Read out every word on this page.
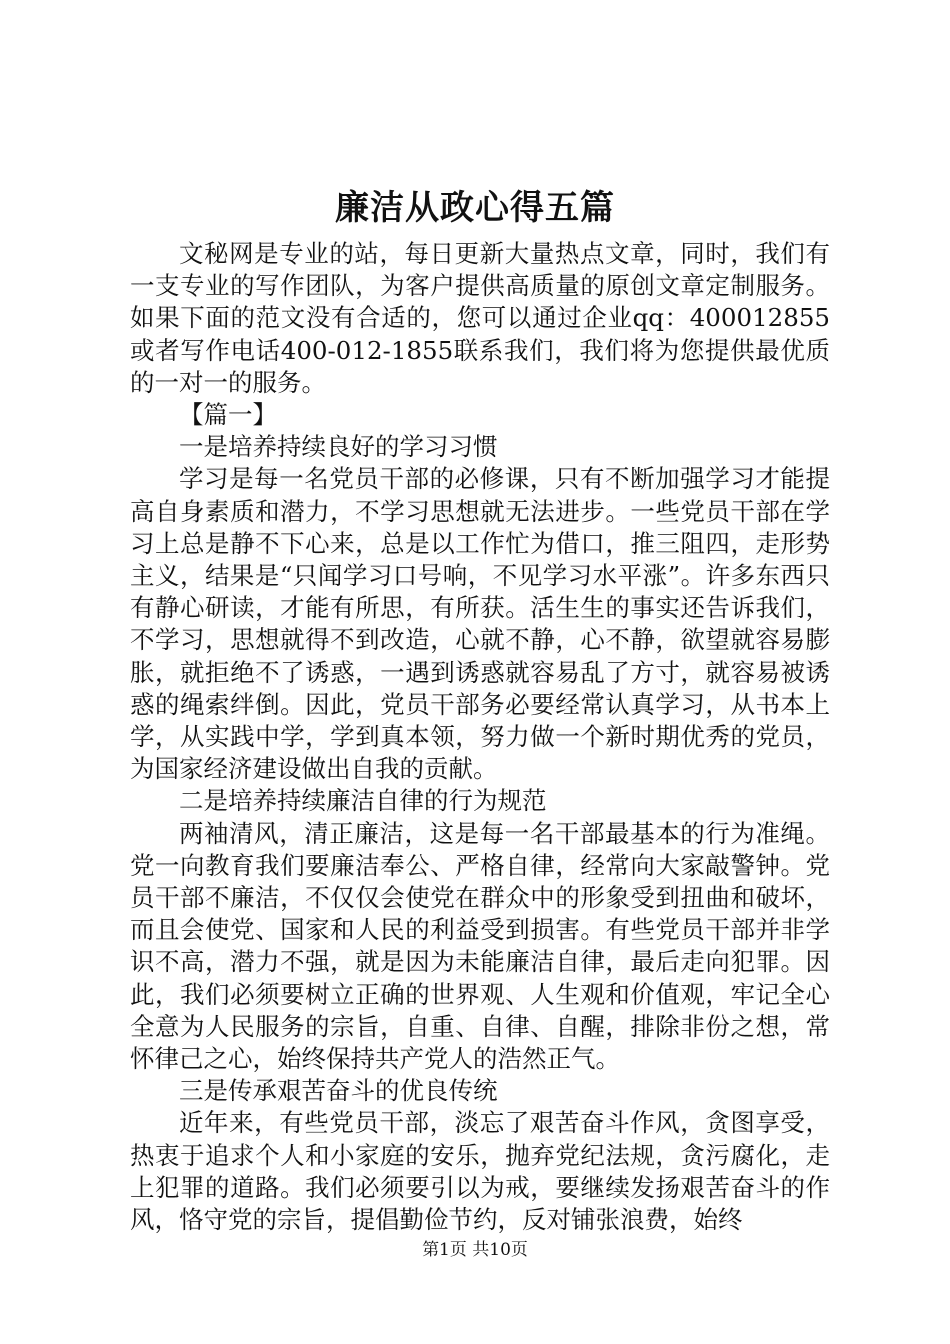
廉洁从政心得五篇

文秘网是专业的站，每日更新大量热点文章，同时，我们有一支专业的写作团队，为客户提供高质量的原创文章定制服务。如果下面的范文没有合适的，您可以通过企业qq：400012855或者写作电话400-012-1855联系我们，我们将为您提供最优质的一对一的服务。

【篇一】

一是培养持续良好的学习习惯

学习是每一名党员干部的必修课，只有不断加强学习才能提高自身素质和潜力，不学习思想就无法进步。一些党员干部在学习上总是静不下心来，总是以工作忙为借口，推三阻四，走形势主义，结果是“只闻学习口号响，不见学习水平涨”。许多东西只有静心研读，才能有所思，有所获。活生生的事实还告诉我们，不学习，思想就得不到改造，心就不静，心不静，欲望就容易膨胀，就拒绝不了诱惑，一遇到诱惑就容易乱了方寸，就容易被诱惑的绳索绊倒。因此，党员干部务必要经常认真学习，从书本上学，从实践中学，学到真本领，努力做一个新时期优秀的党员，为国家经济建设做出自我的贡献。

二是培养持续廉洁自律的行为规范

两袖清风，清正廉洁，这是每一名干部最基本的行为准绳。党一向教育我们要廉洁奉公、严格自律，经常向大家敲警钟。党员干部不廉洁，不仅仅会使党在群众中的形象受到扭曲和破坏，而且会使党、国家和人民的利益受到损害。有些党员干部并非学识不高，潜力不强，就是因为未能廉洁自律，最后走向犯罪。因此，我们必须要树立正确的世界观、人生观和价值观，牢记全心全意为人民服务的宗旨，自重、自律、自醒，排除非份之想，常怀律己之心，始终保持共产党人的浩然正气。

三是传承艰苦奋斗的优良传统

近年来，有些党员干部，淡忘了艰苦奋斗作风，贪图享受，热衷于追求个人和小家庭的安乐，抛弃党纪法规，贪污腐化，走上犯罪的道路。我们必须要引以为戒，要继续发扬艰苦奋斗的作风，恪守党的宗旨，提倡勤俭节约，反对铺张浪费，始终

第1页 共10页
